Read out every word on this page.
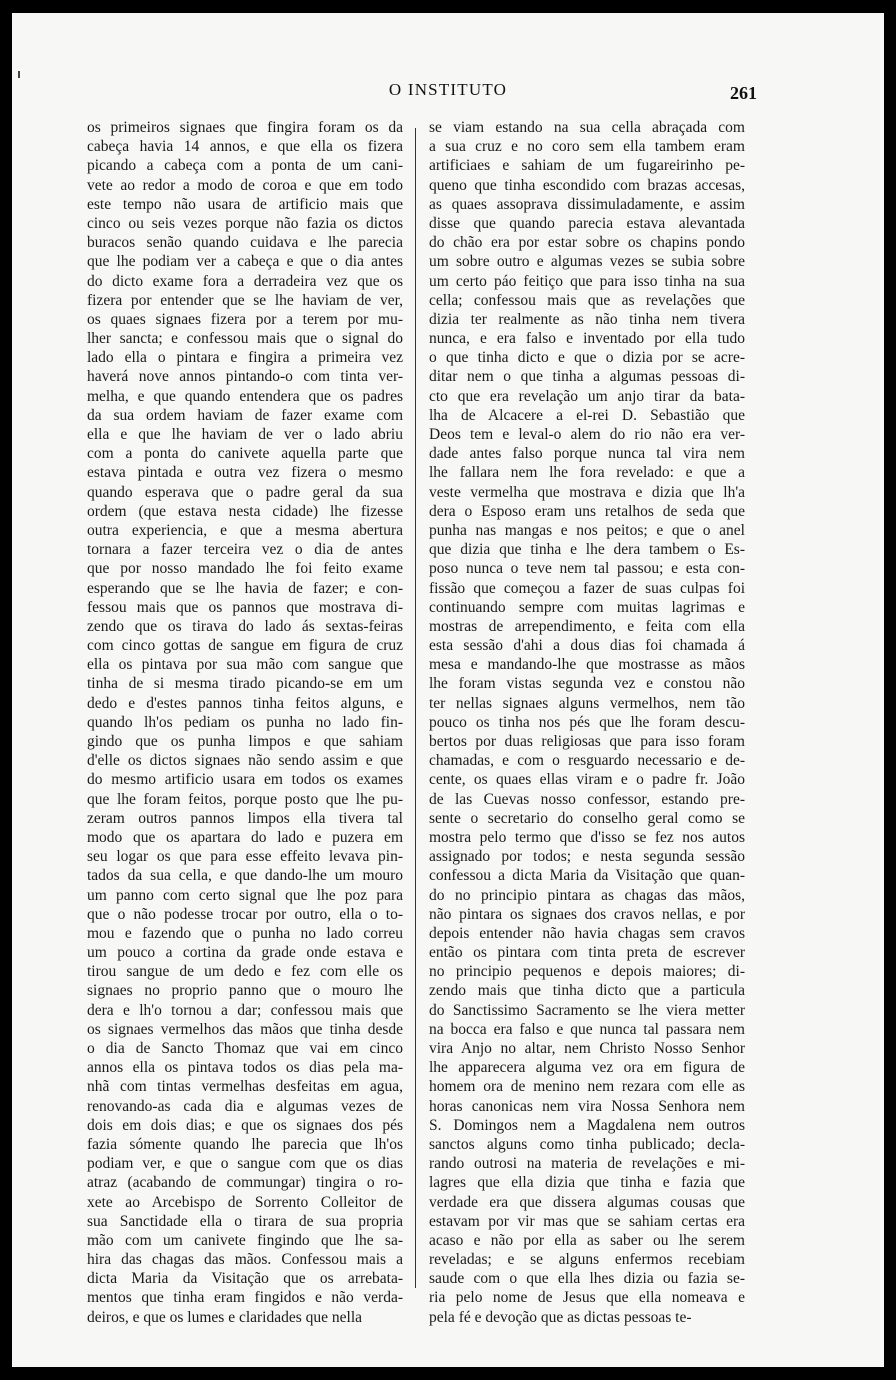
O INSTITUTO	261
os primeiros signaes que fingira foram os da
cabeça havia 14 annos, e que ella os fizera
picando a cabeça com a ponta de um cani-
vete ao redor a modo de coroa e que em todo
este tempo não usara de artificio mais que
cinco ou seis vezes porque não fazia os dictos
buracos senão quando cuidava e lhe parecia
que lhe podiam ver a cabeça e que o dia antes
do dicto exame fora a derradeira vez que os
fizera por entender que se lhe haviam de ver,
os quaes signaes fizera por a terem por mu-
lher sancta; e confessou mais que o signal do
lado ella o pintara e fingira a primeira vez
haverá nove annos pintando-o com tinta ver-
melha, e que quando entendera que os padres
da sua ordem haviam de fazer exame com
ella e que lhe haviam de ver o lado abriu
com a ponta do canivete aquella parte que
estava pintada e outra vez fizera o mesmo
quando esperava que o padre geral da sua
ordem (que estava nesta cidade) lhe fizesse
outra experiencia, e que a mesma abertura
tornara a fazer terceira vez o dia de antes
que por nosso mandado lhe foi feito exame
esperando que se lhe havia de fazer; e con-
fessou mais que os pannos que mostrava di-
zendo que os tirava do lado ás sextas-feiras
com cinco gottas de sangue em figura de cruz
ella os pintava por sua mão com sangue que
tinha de si mesma tirado picando-se em um
dedo e d'estes pannos tinha feitos alguns, e
quando lh'os pediam os punha no lado fin-
gindo que os punha limpos e que sahiam
d'elle os dictos signaes não sendo assim e que
do mesmo artificio usara em todos os exames
que lhe foram feitos, porque posto que lhe pu-
zeram outros pannos limpos ella tivera tal
modo que os apartara do lado e puzera em
seu logar os que para esse effeito levava pin-
tados da sua cella, e que dando-lhe um mouro
um panno com certo signal que lhe poz para
que o não podesse trocar por outro, ella o to-
mou e fazendo que o punha no lado correu
um pouco a cortina da grade onde estava e
tirou sangue de um dedo e fez com elle os
signaes no proprio panno que o mouro lhe
dera e lh'o tornou a dar; confessou mais que
os signaes vermelhos das mãos que tinha desde
o dia de Sancto Thomaz que vai em cinco
annos ella os pintava todos os dias pela ma-
nhã com tintas vermelhas desfeitas em agua,
renovando-as cada dia e algumas vezes de
dois em dois dias; e que os signaes dos pés
fazia sómente quando lhe parecia que lh'os
podiam ver, e que o sangue com que os dias
atraz (acabando de commungar) tingira o ro-
xete ao Arcebispo de Sorrento Colleitor de
sua Sanctidade ella o tirara de sua propria
mão com um canivete fingindo que lhe sa-
hira das chagas das mãos. Confessou mais a
dicta Maria da Visitação que os arrebata-
mentos que tinha eram fingidos e não verda-
deiros, e que os lumes e claridades que nella
se viam estando na sua cella abraçada com
a sua cruz e no coro sem ella tambem eram
artificiaes e sahiam de um fugareirinho pe-
queno que tinha escondido com brazas accesas,
as quaes assoprava dissimuladamente, e assim
disse que quando parecia estava alevantada
do chão era por estar sobre os chapins pondo
um sobre outro e algumas vezes se subia sobre
um certo páo feitiço que para isso tinha na sua
cella; confessou mais que as revelações que
dizia ter realmente as não tinha nem tivera
nunca, e era falso e inventado por ella tudo
o que tinha dicto e que o dizia por se acre-
ditar nem o que tinha a algumas pessoas di-
cto que era revelação um anjo tirar da bata-
lha de Alcacere a el-rei D. Sebastião que
Deos tem e leval-o alem do rio não era ver-
dade antes falso porque nunca tal vira nem
lhe fallara nem lhe fora revelado: e que a
veste vermelha que mostrava e dizia que lh'a
dera o Esposo eram uns retalhos de seda que
punha nas mangas e nos peitos; e que o anel
que dizia que tinha e lhe dera tambem o Es-
poso nunca o teve nem tal passou; e esta con-
fissão que começou a fazer de suas culpas foi
continuando sempre com muitas lagrimas e
mostras de arrependimento, e feita com ella
esta sessão d'ahi a dous dias foi chamada á
mesa e mandando-lhe que mostrasse as mãos
lhe foram vistas segunda vez e constou não
ter nellas signaes alguns vermelhos, nem tão
pouco os tinha nos pés que lhe foram descu-
bertos por duas religiosas que para isso foram
chamadas, e com o resguardo necessario e de-
cente, os quaes ellas viram e o padre fr. João
de las Cuevas nosso confessor, estando pre-
sente o secretario do conselho geral como se
mostra pelo termo que d'isso se fez nos autos
assignado por todos; e nesta segunda sessão
confessou a dicta Maria da Visitação que quan-
do no principio pintara as chagas das mãos,
não pintara os signaes dos cravos nellas, e por
depois entender não havia chagas sem cravos
então os pintara com tinta preta de escrever
no principio pequenos e depois maiores; di-
zendo mais que tinha dicto que a particula
do Sanctissimo Sacramento se lhe viera metter
na bocca era falso e que nunca tal passara nem
vira Anjo no altar, nem Christo Nosso Senhor
lhe apparecera alguma vez ora em figura de
homem ora de menino nem rezara com elle as
horas canonicas nem vira Nossa Senhora nem
S. Domingos nem a Magdalena nem outros
sanctos alguns como tinha publicado; decla-
rando outrosi na materia de revelações e mi-
lagres que ella dizia que tinha e fazia que
verdade era que dissera algumas cousas que
estavam por vir mas que se sahiam certas era
acaso e não por ella as saber ou lhe serem
reveladas; e se alguns enfermos recebiam
saude com o que ella lhes dizia ou fazia se-
ria pelo nome de Jesus que ella nomeava e
pela fé e devoção que as dictas pessoas te-
